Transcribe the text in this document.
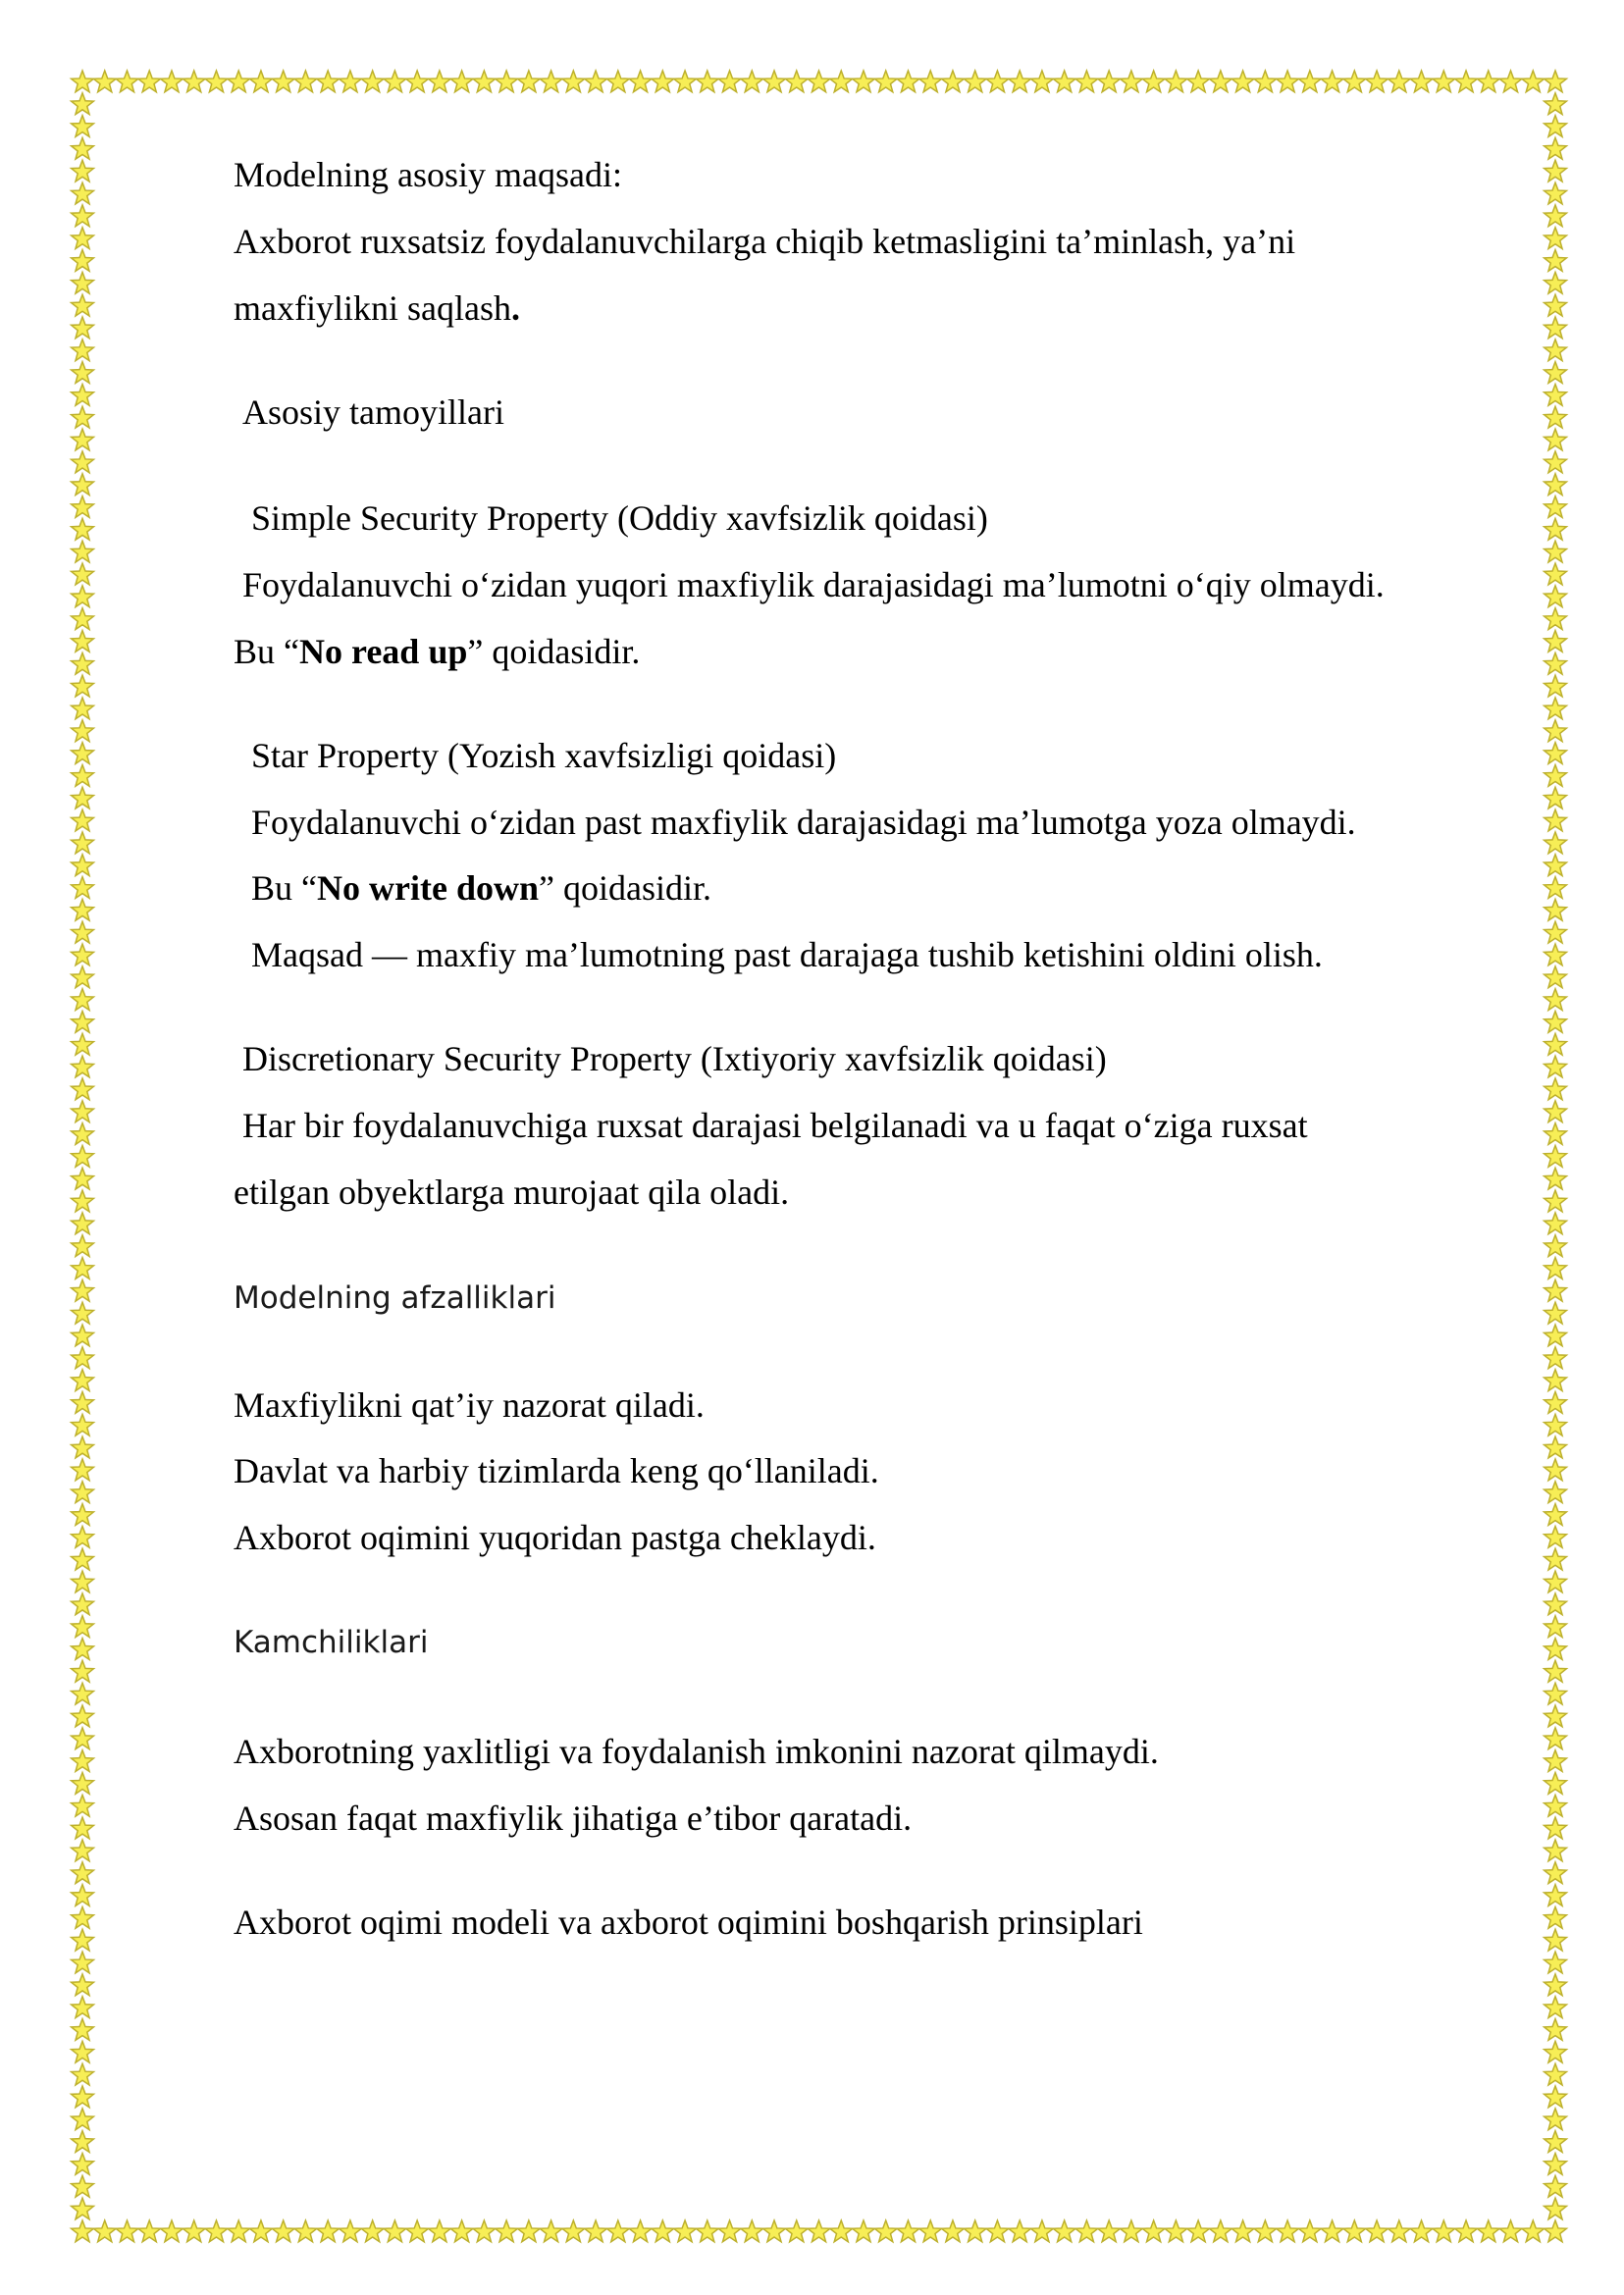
Modelning asosiy maqsadi:
Axborot ruxsatsiz foydalanuvchilarga chiqib ketmasligini ta’minlash, ya’ni
maxfiylikni saqlash.
Asosiy tamoyillari
Simple Security Property (Oddiy xavfsizlik qoidasi)
Foydalanuvchi o‘zidan yuqori maxfiylik darajasidagi ma’lumotni o‘qiy olmaydi.
Bu “No read up” qoidasidir.
Star Property (Yozish xavfsizligi qoidasi)
Foydalanuvchi o‘zidan past maxfiylik darajasidagi ma’lumotga yoza olmaydi.
Bu “No write down” qoidasidir.
Maqsad — maxfiy ma’lumotning past darajaga tushib ketishini oldini olish.
Discretionary Security Property (Ixtiyoriy xavfsizlik qoidasi)
Har bir foydalanuvchiga ruxsat darajasi belgilanadi va u faqat o‘ziga ruxsat
etilgan obyektlarga murojaat qila oladi.
Modelning afzalliklari
Maxfiylikni qat’iy nazorat qiladi.
Davlat va harbiy tizimlarda keng qo‘llaniladi.
Axborot oqimini yuqoridan pastga cheklaydi.
Kamchiliklari
Axborotning yaxlitligi va foydalanish imkonini nazorat qilmaydi.
Asosan faqat maxfiylik jihatiga e’tibor qaratadi.
Axborot oqimi modeli va axborot oqimini boshqarish prinsiplari
